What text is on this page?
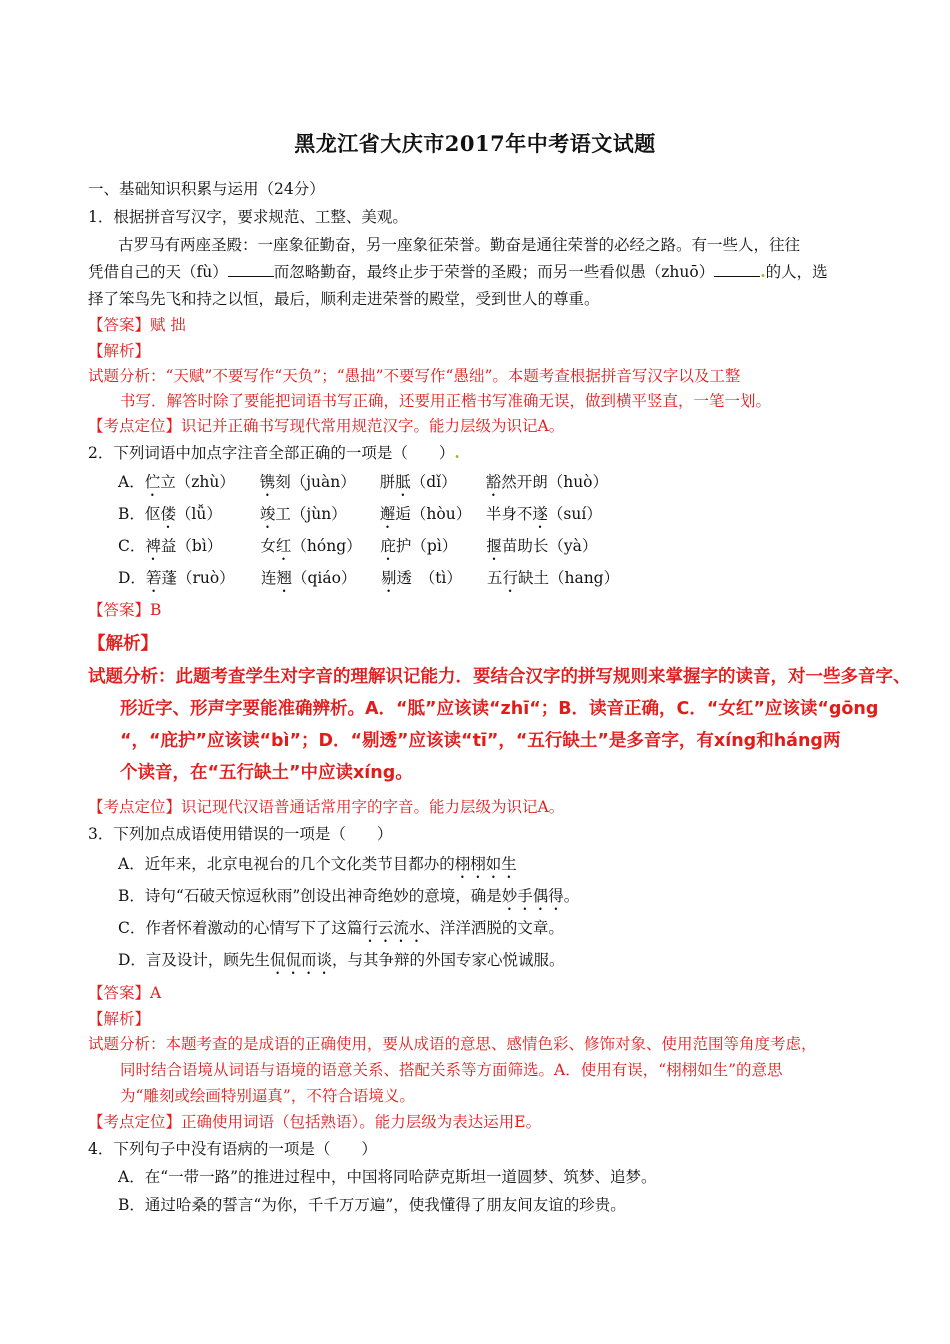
黑龙江省大庆市2017年中考语文试题
一、基础知识积累与运用（24分）
1．根据拼音写汉字，要求规范、工整、美观。
古罗马有两座圣殿：一座象征勤奋，另一座象征荣誉。勤奋是通往荣誉的必经之路。有一些人，往往
凭借自己的天（fù）	而忽略勤奋，最终止步于荣誉的圣殿；而另一些看似愚（zhuō）	.的人，选
择了笨鸟先飞和持之以恒，最后，顺利走进荣誉的殿堂，受到世人的尊重。
【答案】赋 拙
【解析】
试题分析：“天赋”不要写作“天负”；“愚拙”不要写作“愚绌”。本题考查根据拼音写汉字以及工整
书写．解答时除了要能把词语书写正确，还要用正楷书写准确无误，做到横平竖直，一笔一划。
【考点定位】识记并正确书写现代常用规范汉字。能力层级为识记A。
2．下列词语中加点字注音全部正确的一项是（　　）.
A．伫立（zhù） 镌刻（juàn） 胼胝（dǐ） 豁然开朗（huò）
B．伛偻（lǚ） 竣工（jùn） 邂逅（hòu） 半身不遂（suí）
C．裨益（bì） 女红（hóng） 庇护（pì） 揠苗助长（yà）
D．箬蓬（ruò） 连翘（qiáo） 剔透　（tì） 五行缺土（hang）
【答案】B
【解析】
试题分析：此题考查学生对字音的理解识记能力．要结合汉字的拼写规则来掌握字的读音，对一些多音字、
形近字、形声字要能准确辨析。A．“胝”应该读“zhī“；B．读音正确，C．“女红”应该读“gōng
“，“庇护”应该读“bì”；D．“剔透”应该读“tī”，“五行缺土”是多音字，有xíng和háng两
个读音，在“五行缺土”中应读xíng。
【考点定位】识记现代汉语普通话常用字的字音。能力层级为识记A。
3．下列加点成语使用错误的一项是（　　）
A．近年来，北京电视台的几个文化类节目都办的栩栩如生
B．诗句“石破天惊逗秋雨”创设出神奇绝妙的意境，确是妙手偶得。
C．作者怀着激动的心情写下了这篇行云流水、洋洋洒脱的文章。
D．言及设计，顾先生侃侃而谈，与其争辩的外国专家心悦诚服。
【答案】A
【解析】
试题分析：本题考查的是成语的正确使用，要从成语的意思、感情色彩、修饰对象、使用范围等角度考虑，
同时结合语境从词语与语境的语意关系、搭配关系等方面筛选。A．使用有误，“栩栩如生”的意思
为“雕刻或绘画特别逼真”，不符合语境义。
【考点定位】正确使用词语（包括熟语）。能力层级为表达运用E。
4．下列句子中没有语病的一项是（　　）
A．在“一带一路”的推进过程中，中国将同哈萨克斯坦一道圆梦、筑梦、追梦。
B．通过哈桑的誓言“为你，千千万万遍”，使我懂得了朋友间友谊的珍贵。
